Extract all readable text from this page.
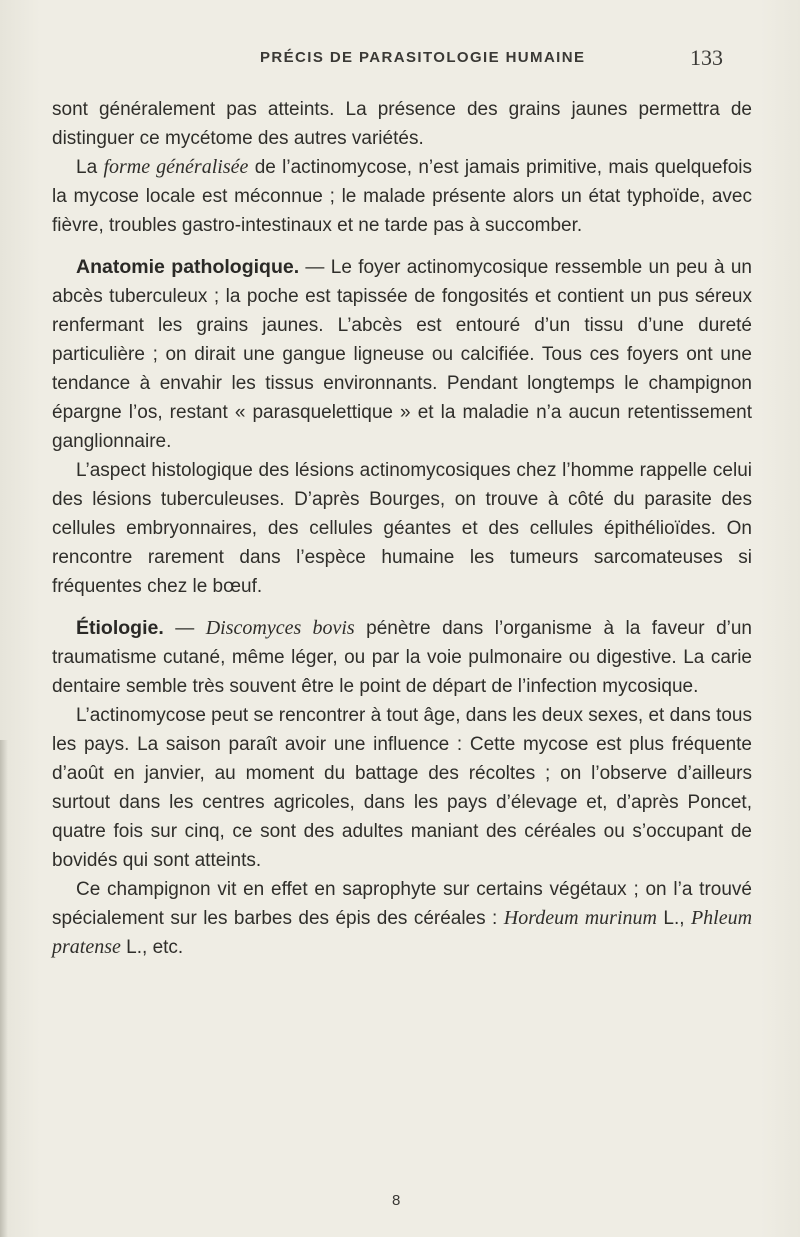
PRÉCIS DE PARASITOLOGIE HUMAINE	133

sont généralement pas atteints. La présence des grains jaunes permettra de distinguer ce mycétome des autres variétés.

La forme généralisée de l’actinomycose, n’est jamais primitive, mais quelquefois la mycose locale est méconnue ; le malade présente alors un état typhoïde, avec fièvre, troubles gastro-intestinaux et ne tarde pas à succomber.

Anatomie pathologique. — Le foyer actinomycosique ressemble un peu à un abcès tuberculeux ; la poche est tapissée de fongosités et contient un pus séreux renfermant les grains jaunes. L’abcès est entouré d’un tissu d’une dureté particulière ; on dirait une gangue ligneuse ou calcifiée. Tous ces foyers ont une tendance à envahir les tissus environnants. Pendant longtemps le champignon épargne l’os, restant « parasquelettique » et la maladie n’a aucun retentissement ganglionnaire.

L’aspect histologique des lésions actinomycosiques chez l’homme rappelle celui des lésions tuberculeuses. D’après Bourges, on trouve à côté du parasite des cellules embryonnaires, des cellules géantes et des cellules épithélioïdes. On rencontre rarement dans l’espèce humaine les tumeurs sarcomateuses si fréquentes chez le bœuf.

Étiologie. — Discomyces bovis pénètre dans l’organisme à la faveur d’un traumatisme cutané, même léger, ou par la voie pulmonaire ou digestive. La carie dentaire semble très souvent être le point de départ de l’infection mycosique.

L’actinomycose peut se rencontrer à tout âge, dans les deux sexes, et dans tous les pays. La saison paraît avoir une influence : Cette mycose est plus fréquente d’août en janvier, au moment du battage des récoltes ; on l’observe d’ailleurs surtout dans les centres agricoles, dans les pays d’élevage et, d’après Poncet, quatre fois sur cinq, ce sont des adultes maniant des céréales ou s’occupant de bovidés qui sont atteints.

Ce champignon vit en effet en saprophyte sur certains végétaux ; on l’a trouvé spécialement sur les barbes des épis des céréales : Hordeum murinum L., Phleum pratense L., etc.

8
